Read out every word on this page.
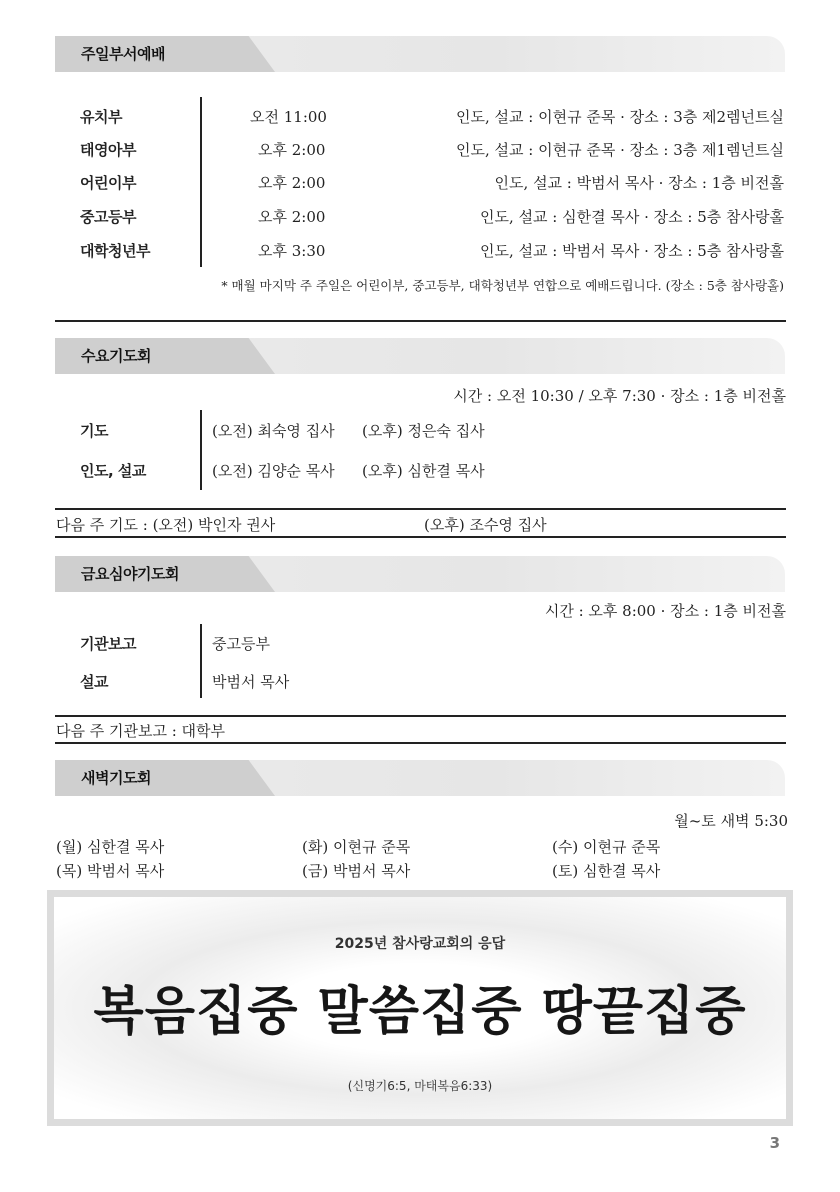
주일부서예배
유치부	오전 11:00	인도, 설교 : 이현규 준목 · 장소 : 3층 제2렘넌트실
태영아부	오후 2:00	인도, 설교 : 이현규 준목 · 장소 : 3층 제1렘넌트실
어린이부	오후 2:00	인도, 설교 : 박범서 목사 · 장소 : 1층 비전홀
중고등부	오후 2:00	인도, 설교 : 심한결 목사 · 장소 : 5층 참사랑홀
대학청년부	오후 3:30	인도, 설교 : 박범서 목사 · 장소 : 5층 참사랑홀
* 매월 마지막 주 주일은 어린이부, 중고등부, 대학청년부 연합으로 예배드립니다. (장소 : 5층 참사랑홀)
수요기도회
시간 : 오전 10:30 / 오후 7:30 · 장소 : 1층 비전홀
기도	(오전) 최숙영 집사 (오후) 정은숙 집사
인도, 설교	(오전) 김양순 목사 (오후) 심한결 목사
다음 주 기도 : (오전) 박인자 권사	(오후) 조수영 집사
금요심야기도회
시간 : 오후 8:00 · 장소 : 1층 비전홀
기관보고	중고등부
설교	박범서 목사
다음 주 기관보고 : 대학부
새벽기도회
월~토 새벽 5:30
(월) 심한결 목사	(화) 이현규 준목	(수) 이현규 준목
(목) 박범서 목사	(금) 박범서 목사	(토) 심한결 목사
2025년 참사랑교회의 응답
복음집중 말씀집중 땅끝집중
(신명기6:5, 마태복음6:33)
3
